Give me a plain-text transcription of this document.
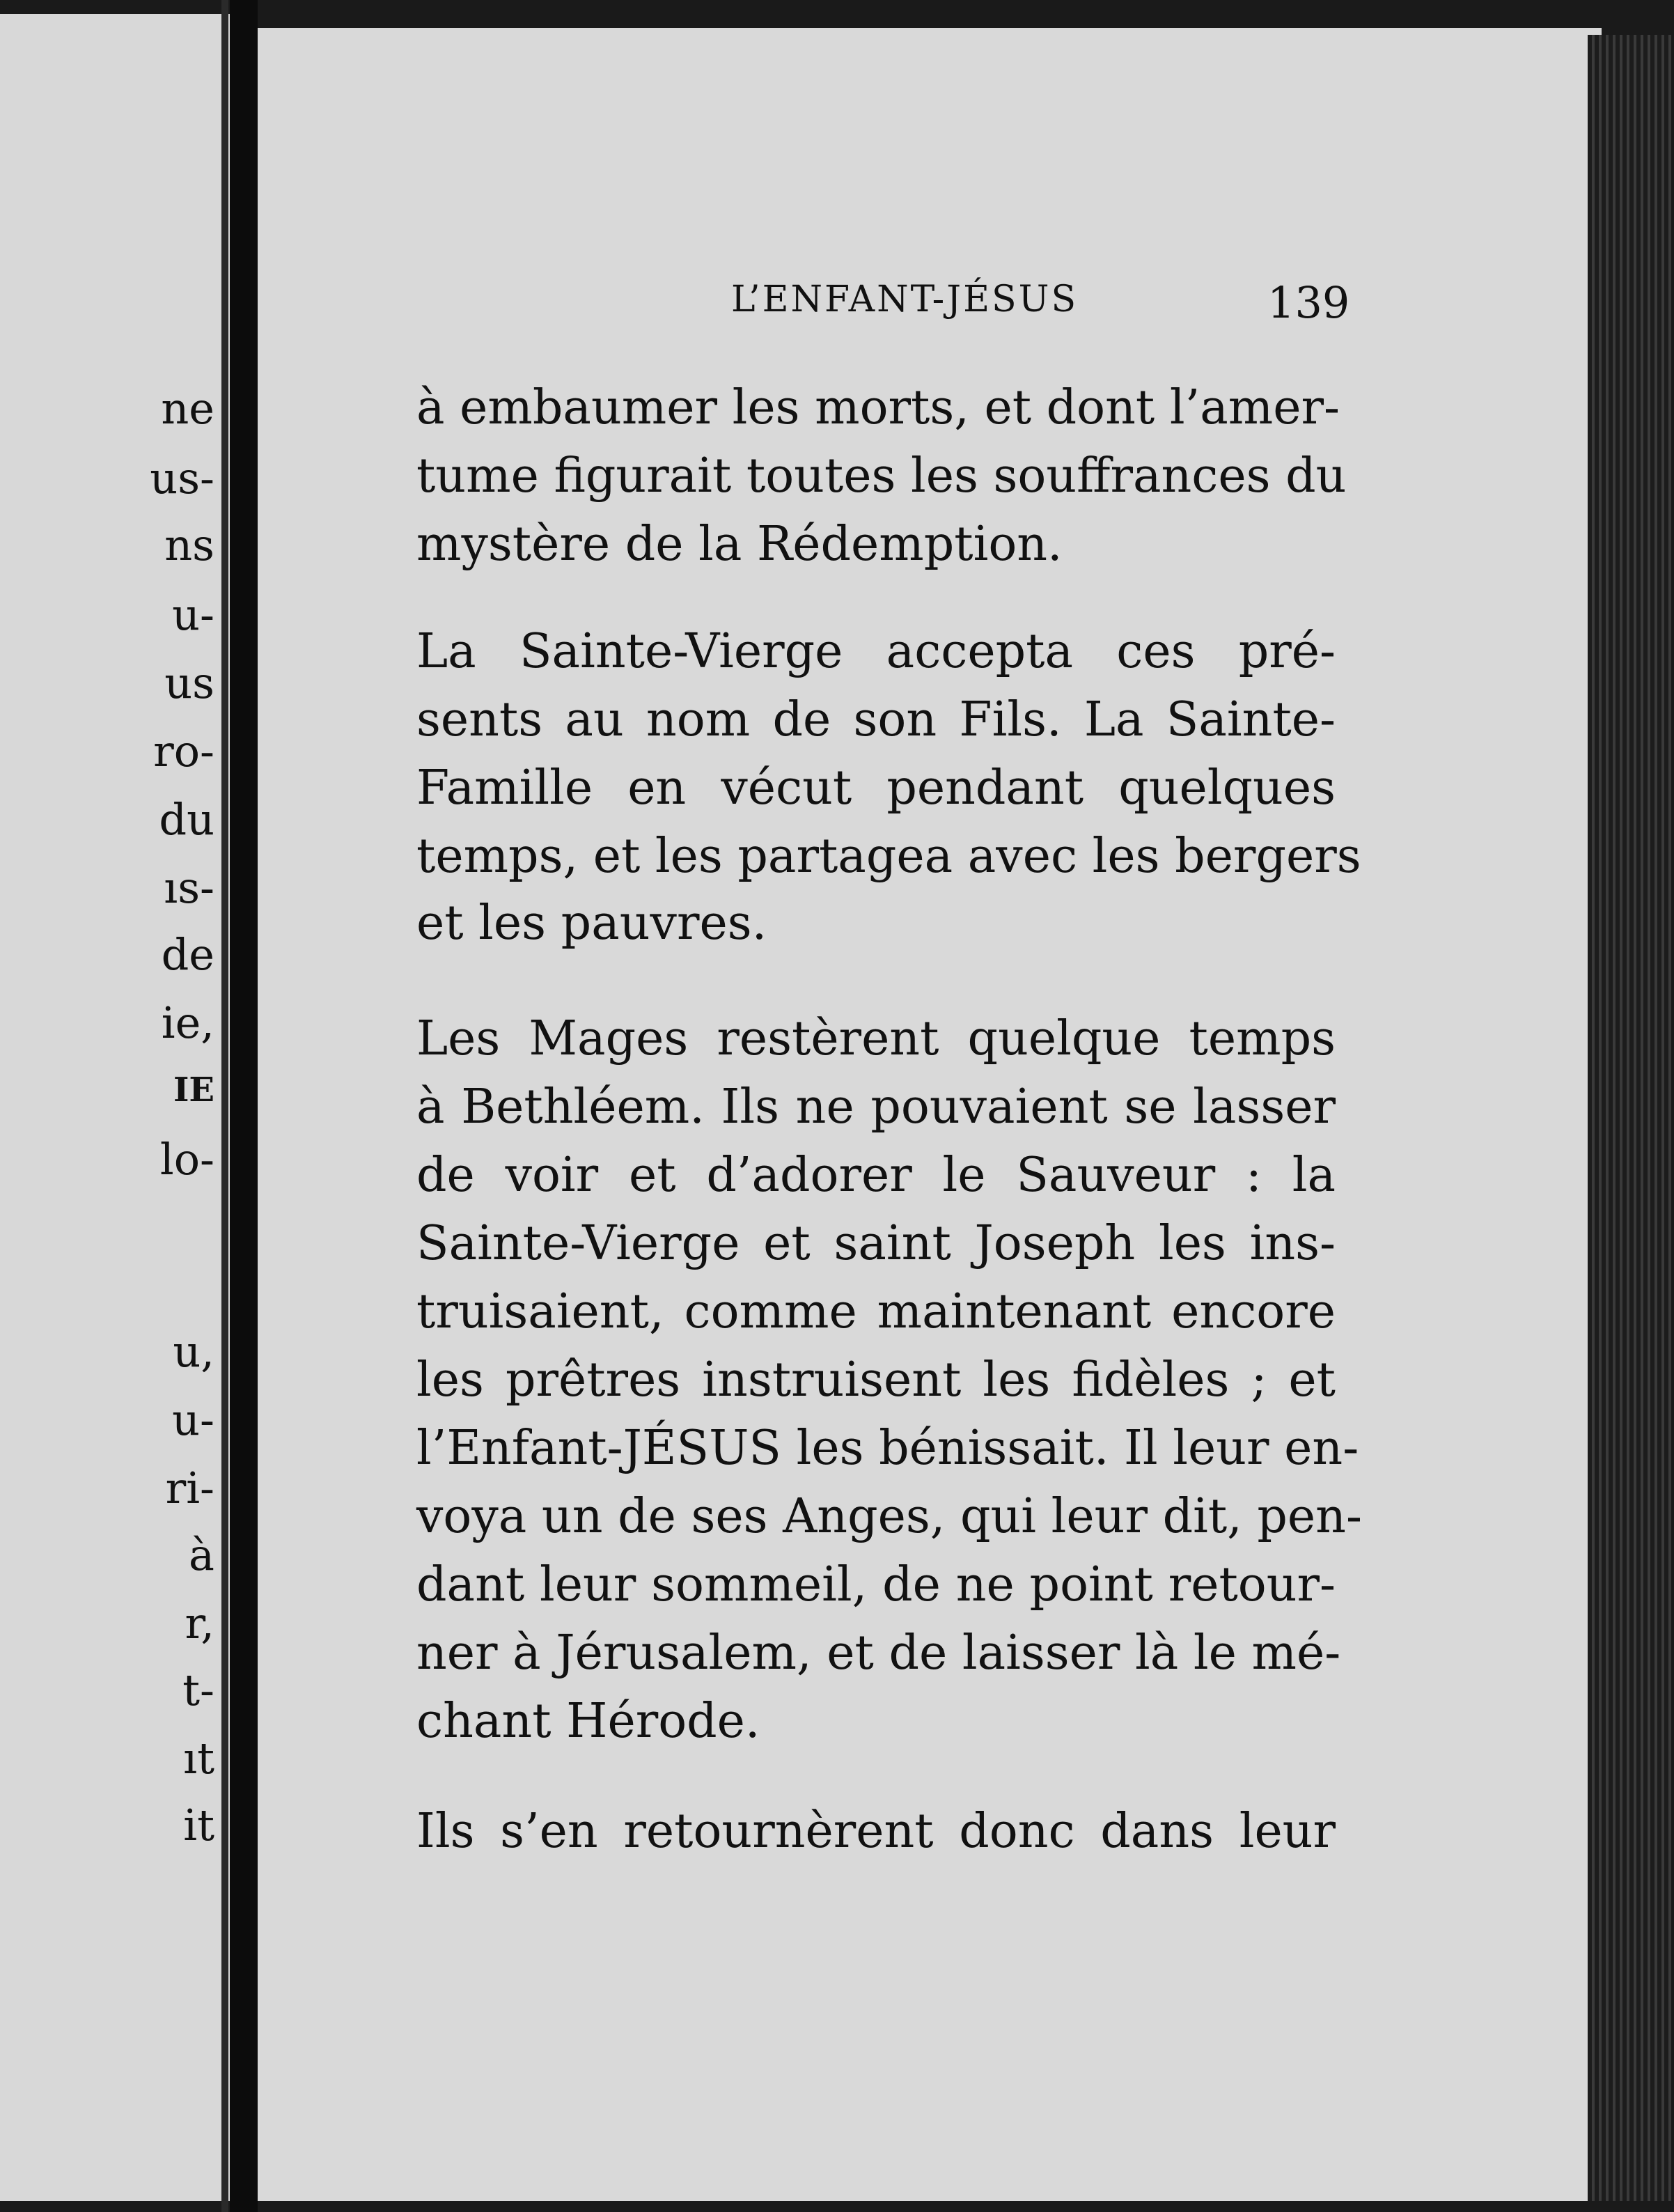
ne
us-
ns
u-
us
ro-
du
ıs-
de
ie,
IE
lo-
u,
u-
ri-
à
r,
t-
ıt
it
L’ENFANT-JÉSUS	139
à embaumer les morts, et dont l’amer-
tume figurait toutes les souffrances du
mystère de la Rédemption.
La Sainte-Vierge accepta ces pré-
sents au nom de son Fils. La Sainte-
Famille en vécut pendant quelques
temps, et les partagea avec les bergers
et les pauvres.
Les Mages restèrent quelque temps
à Bethléem. Ils ne pouvaient se lasser
de voir et d’adorer le Sauveur : la
Sainte-Vierge et saint Joseph les ins-
truisaient, comme maintenant encore
les prêtres instruisent les fidèles ; et
l’Enfant-JÉSUS les bénissait. Il leur en-
voya un de ses Anges, qui leur dit, pen-
dant leur sommeil, de ne point retour-
ner à Jérusalem, et de laisser là le mé-
chant Hérode.
Ils s’en retournèrent donc dans leur
